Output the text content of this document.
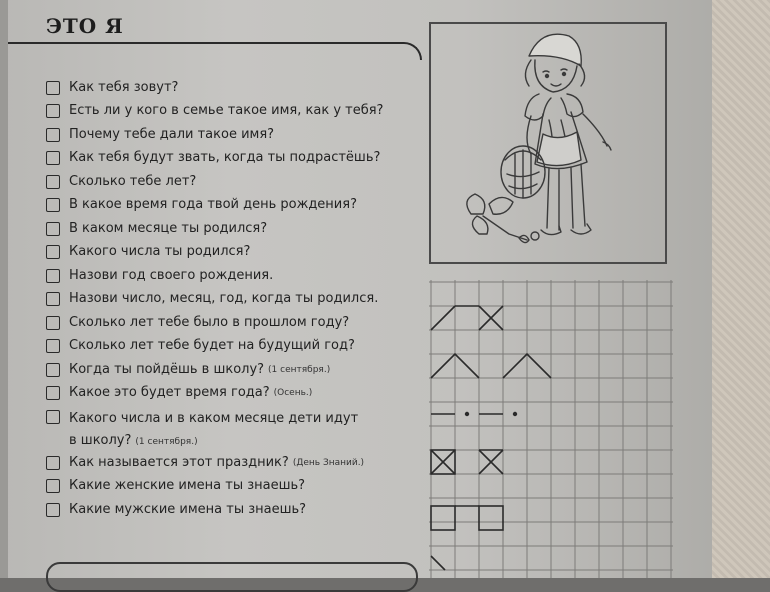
ЭТО Я
Как тебя зовут?
Есть ли у кого в семье такое имя, как у тебя?
Почему тебе дали такое имя?
Как тебя будут звать, когда ты подрастёшь?
Сколько тебе лет?
В какое время года твой день рождения?
В каком месяце ты родился?
Какого числа ты родился?
Назови год своего рождения.
Назови число, месяц, год, когда ты родился.
Сколько лет тебе было в прошлом году?
Сколько лет тебе будет на будущий год?
Когда ты пойдёшь в школу? (1 сентября.)
Какое это будет время года? (Осень.)
Какого числа и в каком месяце дети идут
в школу? (1 сентября.)
Как называется этот праздник? (День Знаний.)
Какие женские имена ты знаешь?
Какие мужские имена ты знаешь?
